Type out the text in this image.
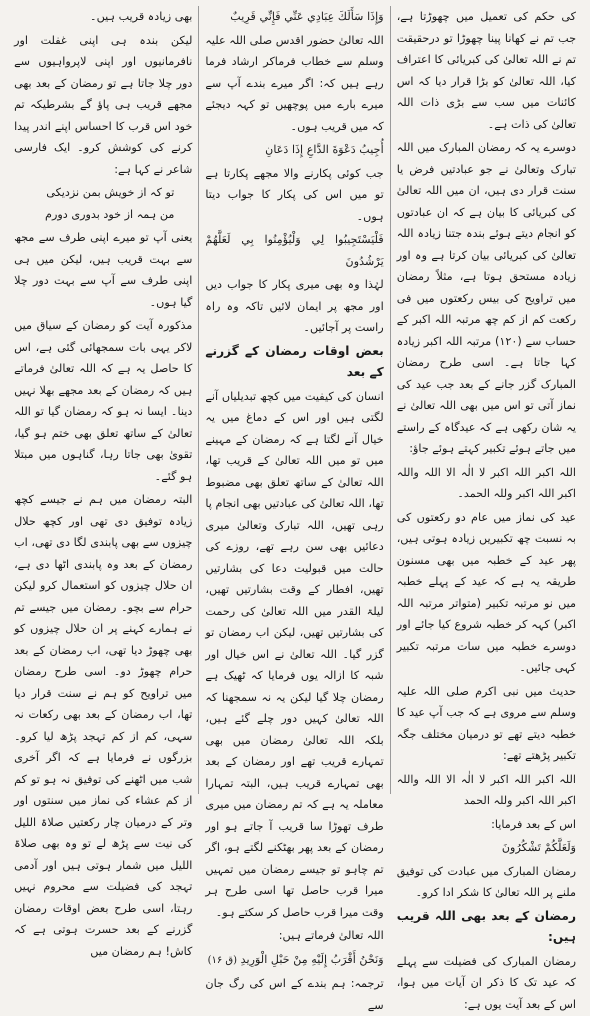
کی حکم کی تعمیل میں چھوڑتا ہے، جب تم نے کھانا پینا چھوڑا تو درحقیقت تم نے اللہ تعالیٰ کی کبریائی کا اعتراف کیا، اللہ تعالیٰ کو بڑا قرار دیا کہ اس کائنات میں سب سے بڑی ذات اللہ تعالیٰ کی ذات ہے۔

دوسرے یہ کہ رمضان المبارک میں اللہ تبارک وتعالیٰ نے جو عبادتیں فرض یا سنت قرار دی ہیں، ان میں اللہ تعالیٰ کی کبریائی کا بیان ہے کہ ان عبادتوں کو انجام دیتے ہوئے بندہ جتنا زیادہ اللہ تعالیٰ کی کبریائی بیان کرتا ہے وہ اور زیادہ مستحق ہوتا ہے، مثلاً رمضان میں تراویح کی بیس رکعتوں میں فی رکعت کم از کم چھ مرتبہ اللہ اکبر کے حساب سے (۱۲۰) مرتبہ اللہ اکبر زیادہ کہا جاتا ہے۔ اسی طرح رمضان المبارک گزر جانے کے بعد جب عید کی نماز آتی تو اس میں بھی اللہ تعالیٰ نے یہ شان رکھی ہے کہ عیدگاہ کے راستے میں جاتے ہوئے تکبیر کہتے ہوئے جاؤ:

اللہ اکبر اللہ اکبر لا الٰہ الا اللہ واللہ اکبر اللہ اکبر وللہ الحمد۔

عید کی نماز میں عام دو رکعتوں کی بہ نسبت چھ تکبیریں زیادہ ہوتی ہیں، پھر عید کے خطبہ میں بھی مسنون طریقہ یہ ہے کہ عید کے پہلے خطبہ میں نو مرتبہ تکبیر (متواتر مرتبہ اللہ اکبر) کہہ کر خطبہ شروع کیا جائے اور دوسرے خطبہ میں سات مرتبہ تکبیر کہی جائیں۔

حدیث میں نبی اکرم صلی اللہ علیہ وسلم سے مروی ہے کہ جب آپ عید کا خطبہ دیتے تھے تو درمیان مختلف جگہ تکبیر پڑھتے تھے:

اللہ اکبر اللہ اکبر لا الٰہ الا اللہ واللہ اکبر اللہ اکبر وللہ الحمد

اس کے بعد فرمایا:

وَلَعَلَّكُمْ تَشْكُرُونَ

رمضان المبارک میں عبادت کی توفیق ملنے پر اللہ تعالیٰ کا شکر ادا کرو۔

رمضان کے بعد بھی اللہ قریب ہیں:

رمضان المبارک کی فضیلت سے پہلے کہ عید تک کا ذکر ان آیات میں ہوا، اس کے بعد آیت یوں ہے:

وَإِذَا سَأَلَكَ عِبَادِي عَنِّي فَإِنِّي قَرِيبٌ

اللہ تعالیٰ حضور اقدس صلی اللہ علیہ وسلم سے خطاب فرماکر ارشاد فرما رہے ہیں کہ: اگر میرے بندے آپ سے میرے بارے میں پوچھیں تو کہہ دیجئے کہ میں قریب ہوں۔

أُجِيبُ دَعْوَةَ الدَّاعِ إِذَا دَعَانِ

جب کوئی پکارنے والا مجھے پکارتا ہے تو میں اس کی پکار کا جواب دیتا ہوں۔

فَلْيَسْتَجِيبُوا لِي وَلْيُؤْمِنُوا بِي لَعَلَّهُمْ يَرْشُدُونَ

لہٰذا وہ بھی میری پکار کا جواب دیں اور مجھ پر ایمان لائیں تاکہ وہ راہ راست پر آجائیں۔

بعض اوقات رمضان کے گزرنے کے بعد

انسان کی کیفیت میں کچھ تبدیلیاں آنے لگتی ہیں اور اس کے دماغ میں یہ خیال آنے لگتا ہے کہ رمضان کے مہینے میں تو میں اللہ تعالیٰ کے قریب تھا، اللہ تعالیٰ کے ساتھ تعلق بھی مضبوط تھا، اللہ تعالیٰ کی عبادتیں بھی انجام پا رہی تھیں، اللہ تبارک وتعالیٰ میری دعائیں بھی سن رہے تھے، روزے کی حالت میں قبولیت دعا کی بشارتیں تھیں، افطار کے وقت بشارتیں تھیں، لیلۃ القدر میں اللہ تعالیٰ کی رحمت کی بشارتیں تھیں، لیکن اب رمضان تو گزر گیا۔ اللہ تعالیٰ نے اس خیال اور شبہ کا ازالہ یوں فرمایا کہ ٹھیک ہے رمضان چلا گیا لیکن یہ نہ سمجھنا کہ اللہ تعالیٰ کہیں دور چلے گئے ہیں، بلکہ اللہ تعالیٰ رمضان میں بھی تمہارے قریب تھے اور رمضان کے بعد بھی تمہارے قریب ہیں، البتہ تمہارا معاملہ یہ ہے کہ تم رمضان میں میری طرف تھوڑا سا قریب آ جاتے ہو اور رمضان کے بعد پھر بھٹکنے لگتے ہو، اگر تم چاہو تو جیسے رمضان میں تمہیں میرا قرب حاصل تھا اسی طرح ہر وقت میرا قرب حاصل کر سکتے ہو۔

اللہ تعالیٰ فرماتے ہیں:

وَنَحْنُ أَقْرَبُ إِلَيْهِ مِنْ حَبْلِ الْوَرِيدِ (ق ۱۶)

ترجمہ: ہم بندے کے اس کی رگ جان سے

بھی زیادہ قریب ہیں۔

لیکن بندہ ہی اپنی غفلت اور نافرمانیوں اور اپنی لاپرواہیوں سے دور چلا جاتا ہے تو رمضان کے بعد بھی مجھے قریب ہی پاؤ گے بشرطیکہ تم خود اس قرب کا احساس اپنے اندر پیدا کرنے کی کوشش کرو۔ ایک فارسی شاعر نے کہا ہے:

تو کہ از خویش بمن نزدیکی

من ہمہ از خود بدوری دورم

یعنی آپ تو میرے اپنی طرف سے مجھ سے بہت قریب ہیں، لیکن میں ہی اپنی طرف سے آپ سے بہت دور چلا گیا ہوں۔

مذکورہ آیت کو رمضان کے سیاق میں لاکر یہی بات سمجھائی گئی ہے، اس کا حاصل یہ ہے کہ اللہ تعالیٰ فرماتے ہیں کہ رمضان کے بعد مجھے بھلا نہیں دینا۔ ایسا نہ ہو کہ رمضان گیا تو اللہ تعالیٰ کے ساتھ تعلق بھی ختم ہو گیا، تقویٰ بھی جاتا رہا، گناہوں میں مبتلا ہو گئے۔

البتہ رمضان میں ہم نے جیسے کچھ زیادہ توفیق دی تھی اور کچھ حلال چیزوں سے بھی پابندی لگا دی تھی، اب رمضان کے بعد وہ پابندی اٹھا دی ہے، ان حلال چیزوں کو استعمال کرو لیکن حرام سے بچو۔ رمضان میں جیسے تم نے ہمارے کہنے پر ان حلال چیزوں کو بھی چھوڑ دیا تھی، اب رمضان کے بعد حرام چھوڑ دو۔ اسی طرح رمضان میں تراویح کو ہم نے سنت قرار دیا تھا، اب رمضان کے بعد بھی رکعات نہ سہی، کم از کم تہجد پڑھ لیا کرو۔ بزرگوں نے فرمایا ہے کہ اگر آخری شب میں اٹھنے کی توفیق نہ ہو تو کم از کم عشاء کی نماز میں سنتوں اور وتر کے درمیان چار رکعتیں صلاۃ اللیل کی نیت سے پڑھ لے تو وہ بھی صلاۃ اللیل میں شمار ہوتی ہیں اور آدمی تہجد کی فضیلت سے محروم نہیں رہتا، اسی طرح بعض اوقات رمضان گزرنے کے بعد حسرت ہوتی ہے کہ کاش! ہم رمضان میں
